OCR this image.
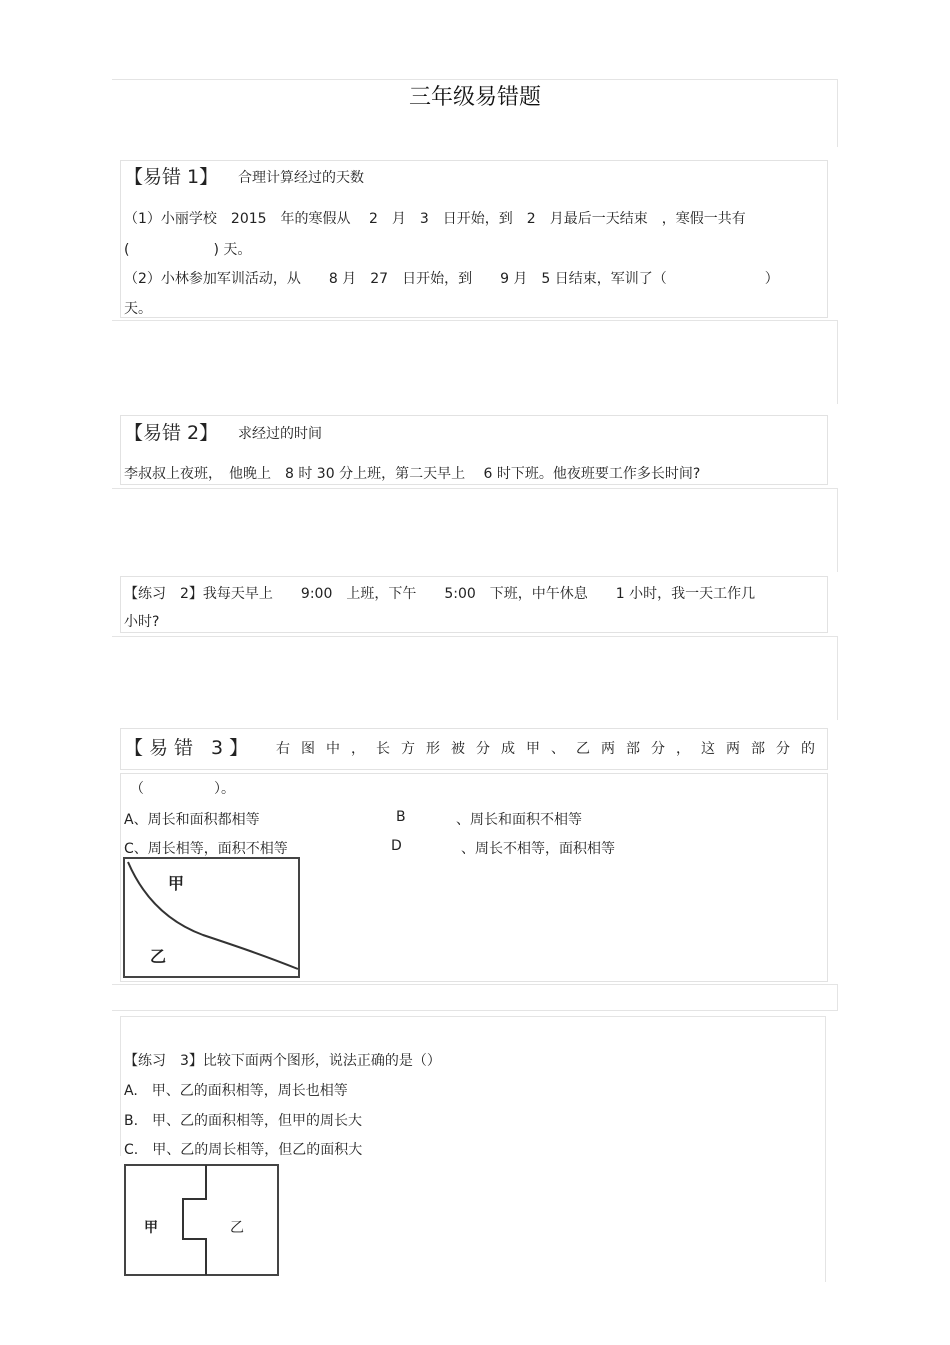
三年级易错题
【易错 1】 合理计算经过的天数
（1）小丽学校　2015　年的寒假从　 2　月　3　日开始，到　2　月最后一天结束　，寒假一共有
(　　　　　　) 天。
（2）小林参加军训活动，从　　8 月　27　日开始，到　　9 月　5 日结束，军训了（　　　　　　　）
天。
【易错 2】 求经过的时间
李叔叔上夜班，　他晚上　8 时 30 分上班，第二天早上　 6 时下班。他夜班要工作多长时间?
【练习　2】我每天早上　　9:00　上班，下午　　5:00　下班，中午休息　　1 小时，我一天工作几
小时?
【易错 3】 右图中，长方形被分成甲、乙两部分，这两部分的
（　　　　　）。
A、周长和面积都相等	B	、周长和面积不相等
C、周长相等，面积不相等	D	、周长不相等，面积相等
甲
乙
【练习　3】比较下面两个图形，说法正确的是（）
A.　甲、乙的面积相等，周长也相等
B.　甲、乙的面积相等，但甲的周长大
C.　甲、乙的周长相等，但乙的面积大
甲	乙
